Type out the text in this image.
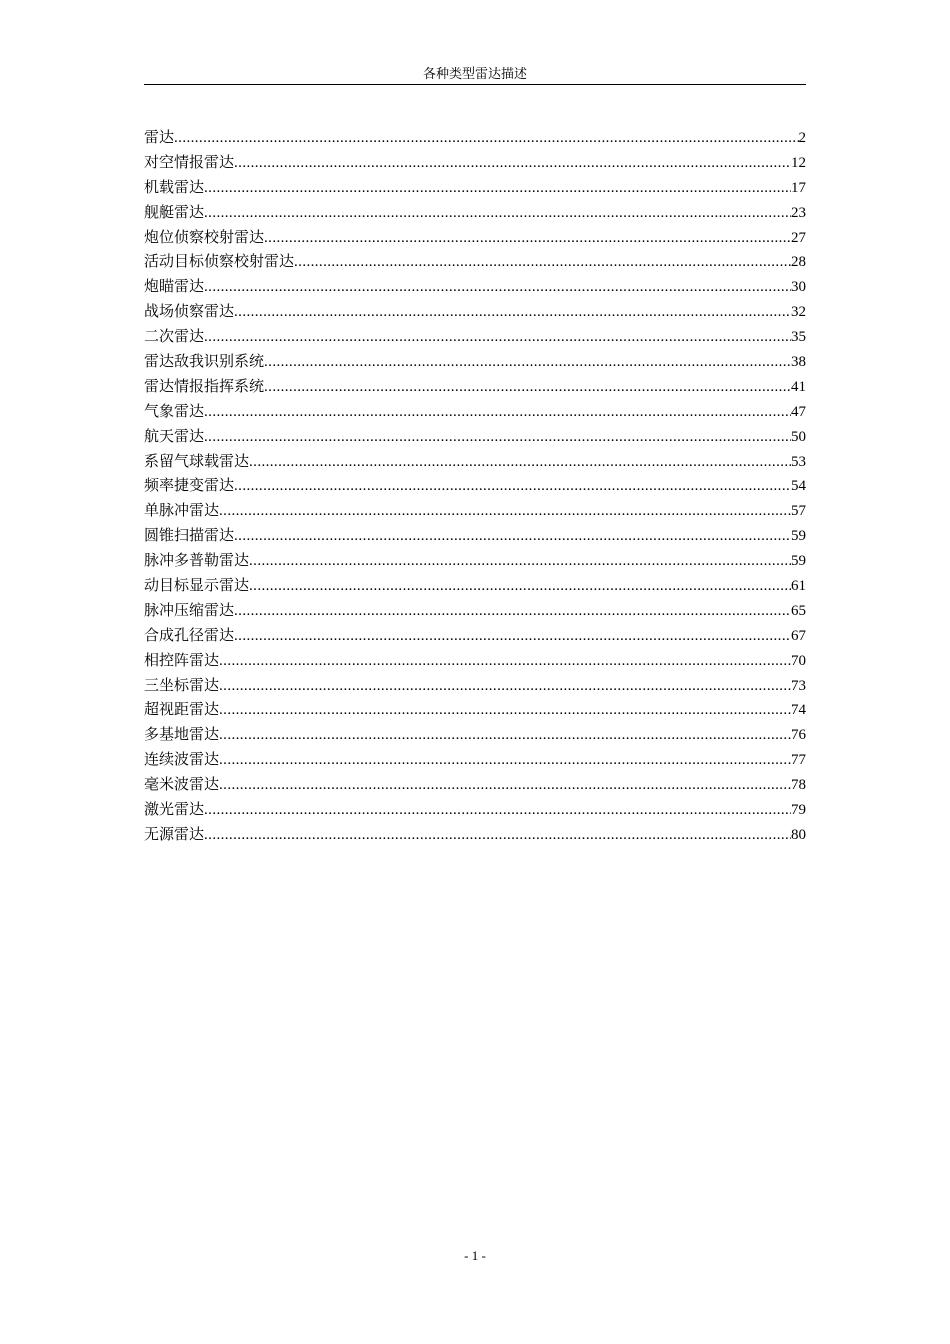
各种类型雷达描述
雷达 .....	2
对空情报雷达 .....	12
机载雷达 .....	17
舰艇雷达 .....	23
炮位侦察校射雷达 .....	27
活动目标侦察校射雷达 .....	28
炮瞄雷达 .....	30
战场侦察雷达 .....	32
二次雷达 .....	35
雷达敌我识别系统 .....	38
雷达情报指挥系统 .....	41
气象雷达 .....	47
航天雷达 .....	50
系留气球载雷达 .....	53
频率捷变雷达 .....	54
单脉冲雷达 .....	57
圆锥扫描雷达 .....	59
脉冲多普勒雷达 .....	59
动目标显示雷达 .....	61
脉冲压缩雷达 .....	65
合成孔径雷达 .....	67
相控阵雷达 .....	70
三坐标雷达 .....	73
超视距雷达 .....	74
多基地雷达 .....	76
连续波雷达 .....	77
毫米波雷达 .....	78
激光雷达 .....	79
无源雷达 .....	80
- 1 -
